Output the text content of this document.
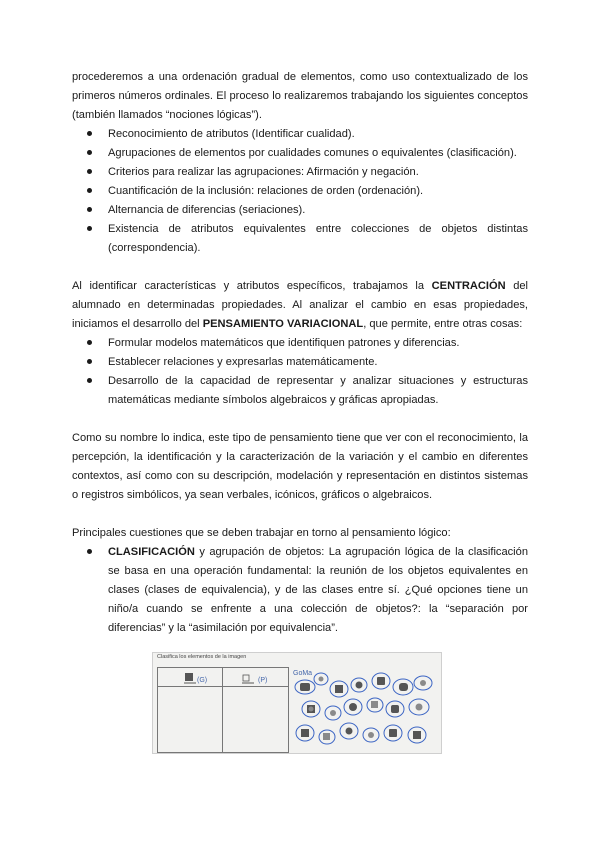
procederemos a una ordenación gradual de elementos, como uso contextualizado de los

primeros números ordinales. El proceso lo realizaremos trabajando los siguientes conceptos

(también llamados “nociones lógicas”).

Reconocimiento de atributos (Identificar cualidad).
Agrupaciones de elementos por cualidades comunes o equivalentes (clasificación).
Criterios para realizar las agrupaciones: Afirmación y negación.
Cuantificación de la inclusión: relaciones de orden (ordenación).
Alternancia de diferencias (seriaciones).
Existencia de atributos equivalentes entre colecciones de objetos distintas (correspondencia).

Al identificar características y atributos específicos, trabajamos la CENTRACIÓN del alumnado en determinadas propiedades. Al analizar el cambio en esas propiedades, iniciamos el desarrollo del PENSAMIENTO VARIACIONAL, que permite, entre otras cosas:

Formular modelos matemáticos que identifiquen patrones y diferencias.
Establecer relaciones y expresarlas matemáticamente.
Desarrollo de la capacidad de representar y analizar situaciones y estructuras matemáticas mediante símbolos algebraicos y gráficas apropiadas.

Como su nombre lo indica, este tipo de pensamiento tiene que ver con el reconocimiento, la percepción, la identificación y la caracterización de la variación y el cambio en diferentes contextos, así como con su descripción, modelación y representación en distintos sistemas o registros simbólicos, ya sean verbales, icónicos, gráficos o algebraicos.

Principales cuestiones que se deben trabajar en torno al pensamiento lógico:

CLASIFICACIÓN y agrupación de objetos: La agrupación lógica de la clasificación se basa en una operación fundamental: la reunión de los objetos equivalentes en clases (clases de equivalencia), y de las clases entre sí. ¿Qué opciones tiene un niño/a cuando se enfrente a una colección de objetos?: la “separación por diferencias” y la “asimilación por equivalencia”.
Clasifica los elementos de la imagen
(G)	(P)
GoMa
